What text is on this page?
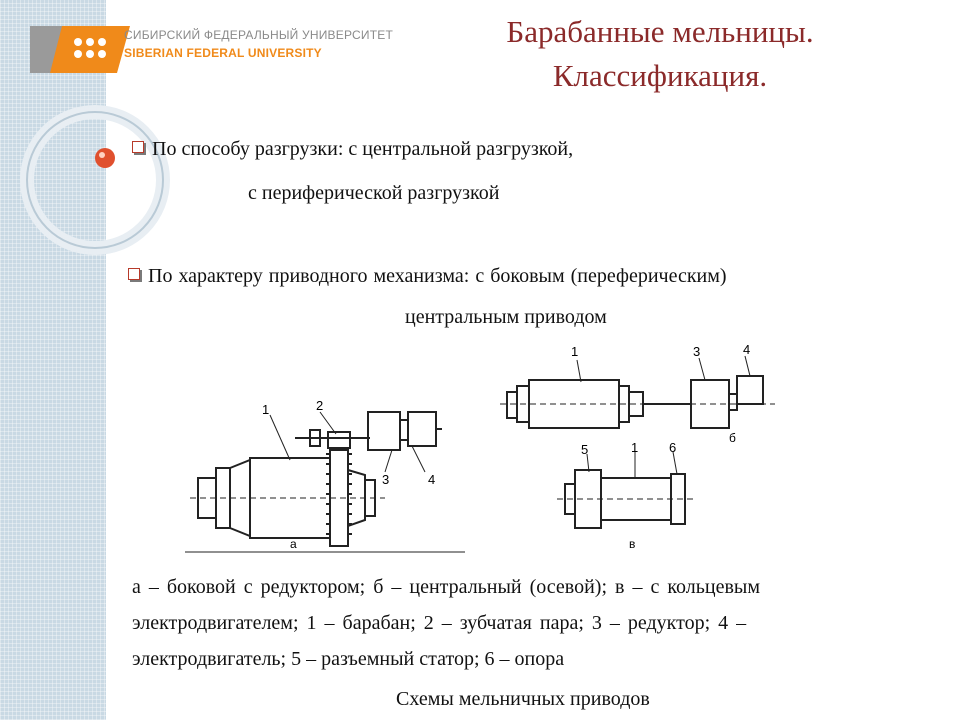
СИБИРСКИЙ ФЕДЕРАЛЬНЫЙ УНИВЕРСИТЕТ
SIBERIAN FEDERAL UNIVERSITY
Барабанные мельницы.
Классификация.
По способу разгрузки: с центральной разгрузкой,
с периферической разгрузкой
По характеру приводного механизма: с боковым (переферическим)
центральным приводом
1	2
3	4
а
1	3	4
б
5	1 6
в
а – боковой с редуктором; б – центральный (осевой); в – с кольцевым
электродвигателем; 1 – барабан; 2 – зубчатая пара; 3 – редуктор; 4 –
электродвигатель; 5 – разъемный статор; 6 – опора
Схемы мельничных приводов
